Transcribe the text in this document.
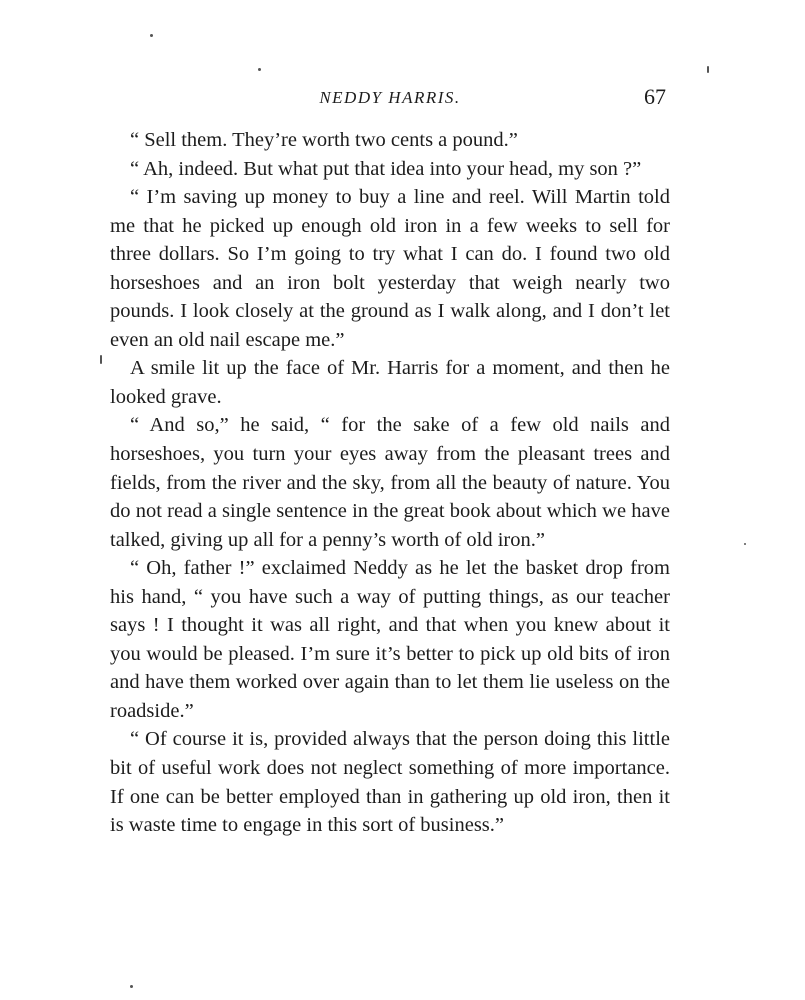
NEDDY HARRIS.	67

“ Sell them. They’re worth two cents a pound.”

“ Ah, indeed. But what put that idea into your head, my son ?”

“ I’m saving up money to buy a line and reel. Will Martin told me that he picked up enough old iron in a few weeks to sell for three dollars. So I’m going to try what I can do. I found two old horseshoes and an iron bolt yesterday that weigh nearly two pounds. I look closely at the ground as I walk along, and I don’t let even an old nail escape me.”

A smile lit up the face of Mr. Harris for a moment, and then he looked grave.

“ And so,” he said, “ for the sake of a few old nails and horseshoes, you turn your eyes away from the pleasant trees and fields, from the river and the sky, from all the beauty of nature. You do not read a single sentence in the great book about which we have talked, giving up all for a penny’s worth of old iron.”

“ Oh, father !” exclaimed Neddy as he let the basket drop from his hand, “ you have such a way of putting things, as our teacher says ! I thought it was all right, and that when you knew about it you would be pleased. I’m sure it’s better to pick up old bits of iron and have them worked over again than to let them lie useless on the roadside.”

“ Of course it is, provided always that the person doing this little bit of useful work does not neglect something of more importance. If one can be better employed than in gathering up old iron, then it is waste time to engage in this sort of business.”
